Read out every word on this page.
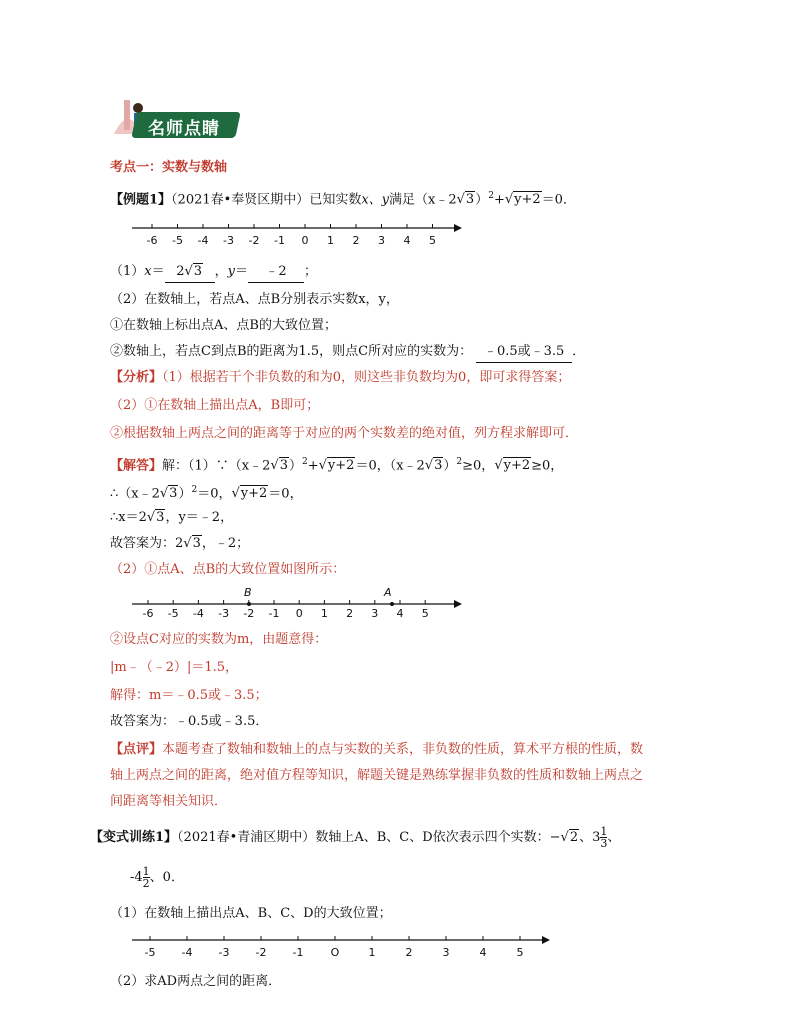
名师点睛
考点一：实数与数轴
【例题1】（2021春•奉贤区期中）已知实数x、y满足（x﹣2√3）$^2$+√y+2＝0．
-6 -5 -4 -3 -2 -1 0 1 2 3 4 5
（1）x＝ 2√3 ，y＝ ﹣2 ；
（2）在数轴上，若点A、点B分别表示实数x，y，
①在数轴上标出点A、点B的大致位置；
②数轴上，若点C到点B的距离为1.5，则点C所对应的实数为： ﹣0.5或﹣3.5 ．
【分析】（1）根据若干个非负数的和为0，则这些非负数均为0，即可求得答案；
（2）①在数轴上描出点A，B即可；
②根据数轴上两点之间的距离等于对应的两个实数差的绝对值，列方程求解即可．
【解答】解：（1）∵（x﹣2√3）$^2$+√y+2＝0，（x﹣2√3）$^2$≥0，√y+2≥0，
∴（x﹣2√3）$^2$＝0，√y+2＝0，
∴x＝2√3，y＝﹣2，
故答案为：2√3，﹣2；
（2）①点A、点B的大致位置如图所示：
-6 -5 -4 -3 -2 -1 0 1 2 3 4 5
B	A
②设点C对应的实数为m，由题意得：
|m﹣（﹣2）|＝1.5，
解得：m＝﹣0.5或﹣3.5；
故答案为：﹣0.5或﹣3.5．
【点评】本题考查了数轴和数轴上的点与实数的关系，非负数的性质，算术平方根的性质，数
轴上两点之间的距离，绝对值方程等知识，解题关键是熟练掌握非负数的性质和数轴上两点之
间距离等相关知识．
【变式训练1】（2021春•青浦区期中）数轴上A、B、C、D依次表示四个实数：−√2、$3 \frac{1}{3}$ 、
$-4 \frac{1}{2}$ 、0．
（1）在数轴上描出点A、B、C、D的大致位置；
-5 -4 -3 -2 -1 O	1	2	3	4	5
（2）求AD两点之间的距离．
